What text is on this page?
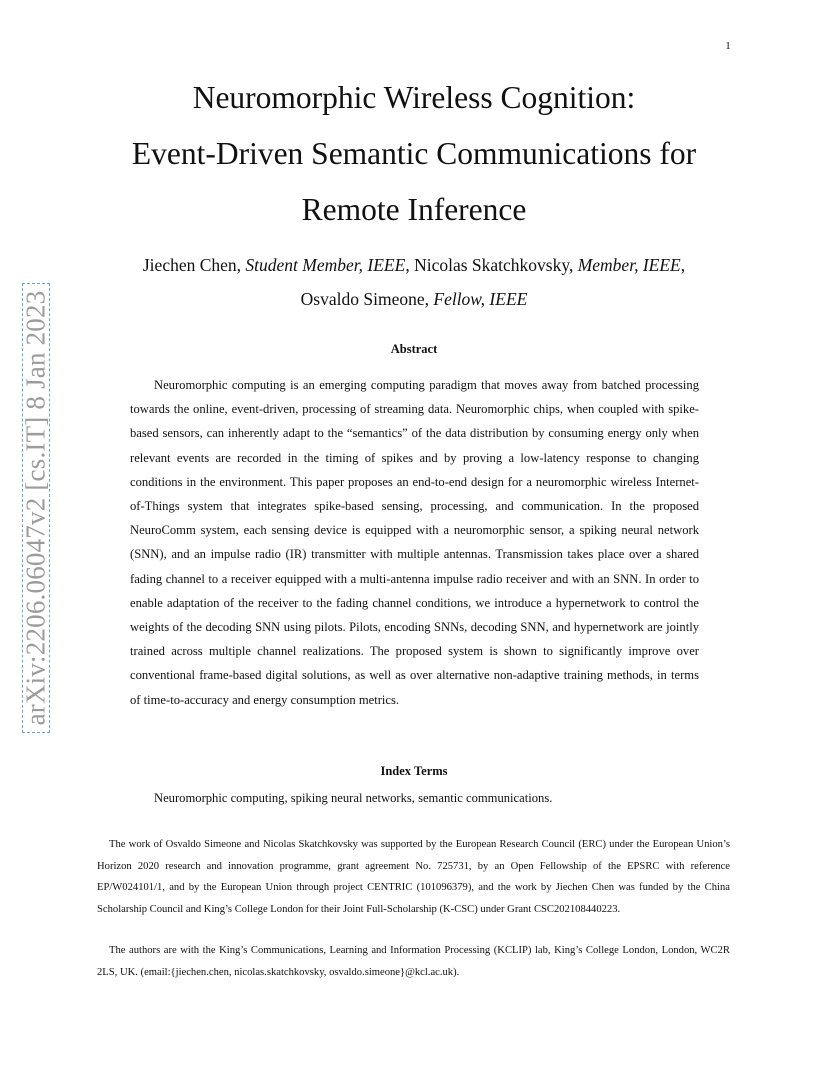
1
arXiv:2206.06047v2 [cs.IT] 8 Jan 2023
Neuromorphic Wireless Cognition:
Event-Driven Semantic Communications for
Remote Inference
Jiechen Chen, Student Member, IEEE, Nicolas Skatchkovsky, Member, IEEE,
Osvaldo Simeone, Fellow, IEEE
Abstract

Neuromorphic computing is an emerging computing paradigm that moves away from batched processing towards the online, event-driven, processing of streaming data. Neuromorphic chips, when coupled with spike-based sensors, can inherently adapt to the “semantics” of the data distribution by consuming energy only when relevant events are recorded in the timing of spikes and by proving a low-latency response to changing conditions in the environment. This paper proposes an end-to-end design for a neuromorphic wireless Internet-of-Things system that integrates spike-based sensing, processing, and communication. In the proposed NeuroComm system, each sensing device is equipped with a neuromorphic sensor, a spiking neural network (SNN), and an impulse radio (IR) transmitter with multiple antennas. Transmission takes place over a shared fading channel to a receiver equipped with a multi-antenna impulse radio receiver and with an SNN. In order to enable adaptation of the receiver to the fading channel conditions, we introduce a hypernetwork to control the weights of the decoding SNN using pilots. Pilots, encoding SNNs, decoding SNN, and hypernetwork are jointly trained across multiple channel realizations. The proposed system is shown to significantly improve over conventional frame-based digital solutions, as well as over alternative non-adaptive training methods, in terms of time-to-accuracy and energy consumption metrics.

Index Terms

Neuromorphic computing, spiking neural networks, semantic communications.

The work of Osvaldo Simeone and Nicolas Skatchkovsky was supported by the European Research Council (ERC) under the European Union’s Horizon 2020 research and innovation programme, grant agreement No. 725731, by an Open Fellowship of the EPSRC with reference EP/W024101/1, and by the European Union through project CENTRIC (101096379), and the work by Jiechen Chen was funded by the China Scholarship Council and King’s College London for their Joint Full-Scholarship (K-CSC) under Grant CSC202108440223.

The authors are with the King’s Communications, Learning and Information Processing (KCLIP) lab, King’s College London, London, WC2R 2LS, UK. (email:{jiechen.chen, nicolas.skatchkovsky, osvaldo.simeone}@kcl.ac.uk).
